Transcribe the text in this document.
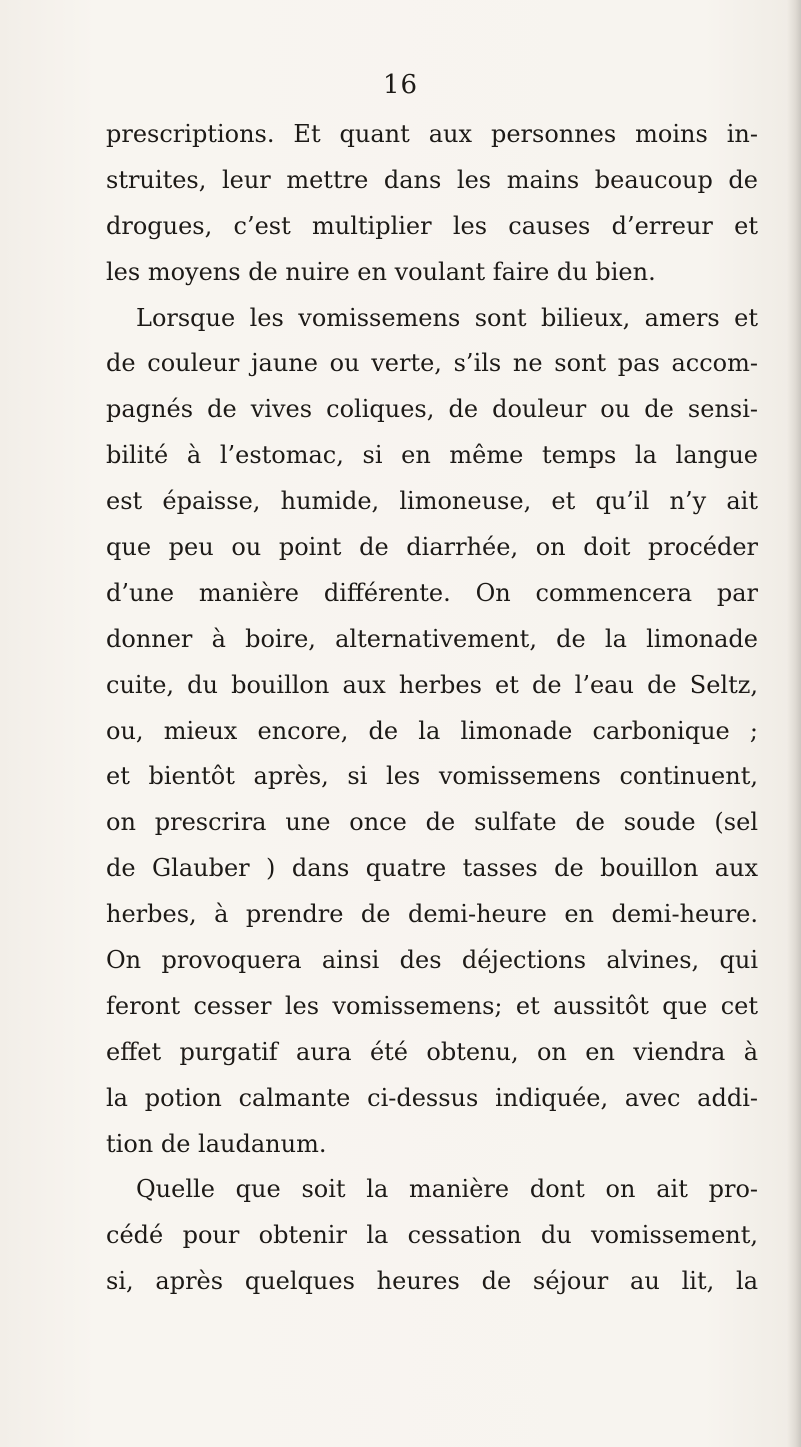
16
prescriptions. Et quant aux personnes moins in-
struites, leur mettre dans les mains beaucoup de
drogues, c’est multiplier les causes d’erreur et
les moyens de nuire en voulant faire du bien.
Lorsque les vomissemens sont bilieux, amers et
de couleur jaune ou verte, s’ils ne sont pas accom-
pagnés de vives coliques, de douleur ou de sensi-
bilité à l’estomac, si en même temps la langue
est épaisse, humide, limoneuse, et qu’il n’y ait
que peu ou point de diarrhée, on doit procéder
d’une manière différente. On commencera par
donner à boire, alternativement, de la limonade
cuite, du bouillon aux herbes et de l’eau de Seltz,
ou, mieux encore, de la limonade carbonique ;
et bientôt après, si les vomissemens continuent,
on prescrira une once de sulfate de soude (sel
de Glauber ) dans quatre tasses de bouillon aux
herbes, à prendre de demi-heure en demi-heure.
On provoquera ainsi des déjections alvines, qui
feront cesser les vomissemens; et aussitôt que cet
effet purgatif aura été obtenu, on en viendra à
la potion calmante ci-dessus indiquée, avec addi-
tion de laudanum.
Quelle que soit la manière dont on ait pro-
cédé pour obtenir la cessation du vomissement,
si, après quelques heures de séjour au lit, la
